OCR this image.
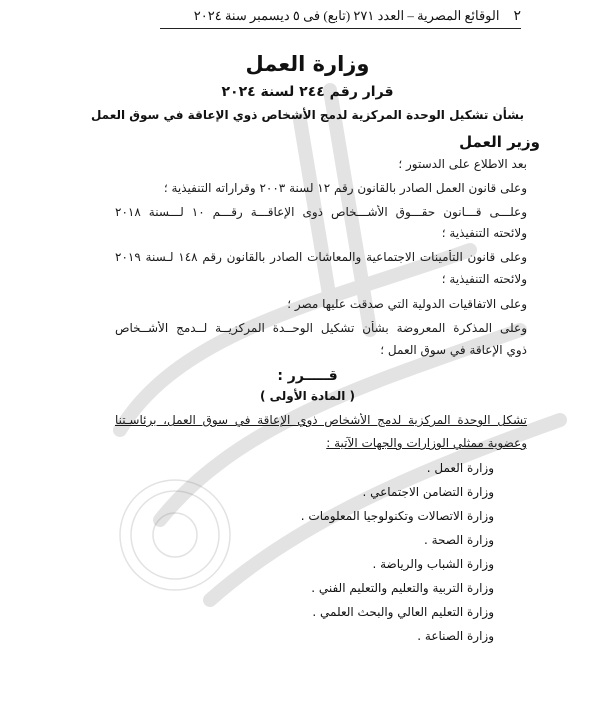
٢
الوقائع المصرية – العدد ٢٧١ (تابع) فى ٥ ديسمبر سنة ٢٠٢٤
وزارة العمل
قرار رقم ٢٤٤ لسنة ٢٠٢٤
بشأن تشكيل الوحدة المركزية لدمج الأشخاص ذوي الإعاقة في سوق العمل
وزير العمل
بعد الاطلاع على الدستور ؛
وعلى قانون العمل الصادر بالقانون رقم ١٢ لسنة ٢٠٠٣ وقراراته التنفيذية ؛
وعلـــى قـــانون حقـــوق الأشـــخاص ذوى الإعاقـــة رقـــم ١٠ لـــسنة ٢٠١٨
ولائحته التنفيذية ؛
وعلى قانون التأمينات الاجتماعية والمعاشات الصادر بالقانون رقم ١٤٨ لـسنة ٢٠١٩
ولائحته التنفيذية ؛
وعلى الاتفاقيات الدولية التي صدقت عليها مصر ؛
وعلى المذكرة المعروضة بشأن تشكيل الوحــدة المركزيــة لــدمج الأشــخاص
ذوي الإعاقة في سوق العمل ؛
قـــــرر :
( المادة الأولى )
تشكل الوحدة المركزية لدمج الأشخاص ذوي الإعاقة في سوق العمل، برئاسـتنا
وعضوية ممثلي الوزارات والجهات الآتية :
وزارة العمل .
وزارة التضامن الاجتماعي .
وزارة الاتصالات وتكنولوجيا المعلومات .
وزارة الصحة .
وزارة الشباب والرياضة .
وزارة التربية والتعليم والتعليم الفني .
وزارة التعليم العالي والبحث العلمي .
وزارة الصناعة .
